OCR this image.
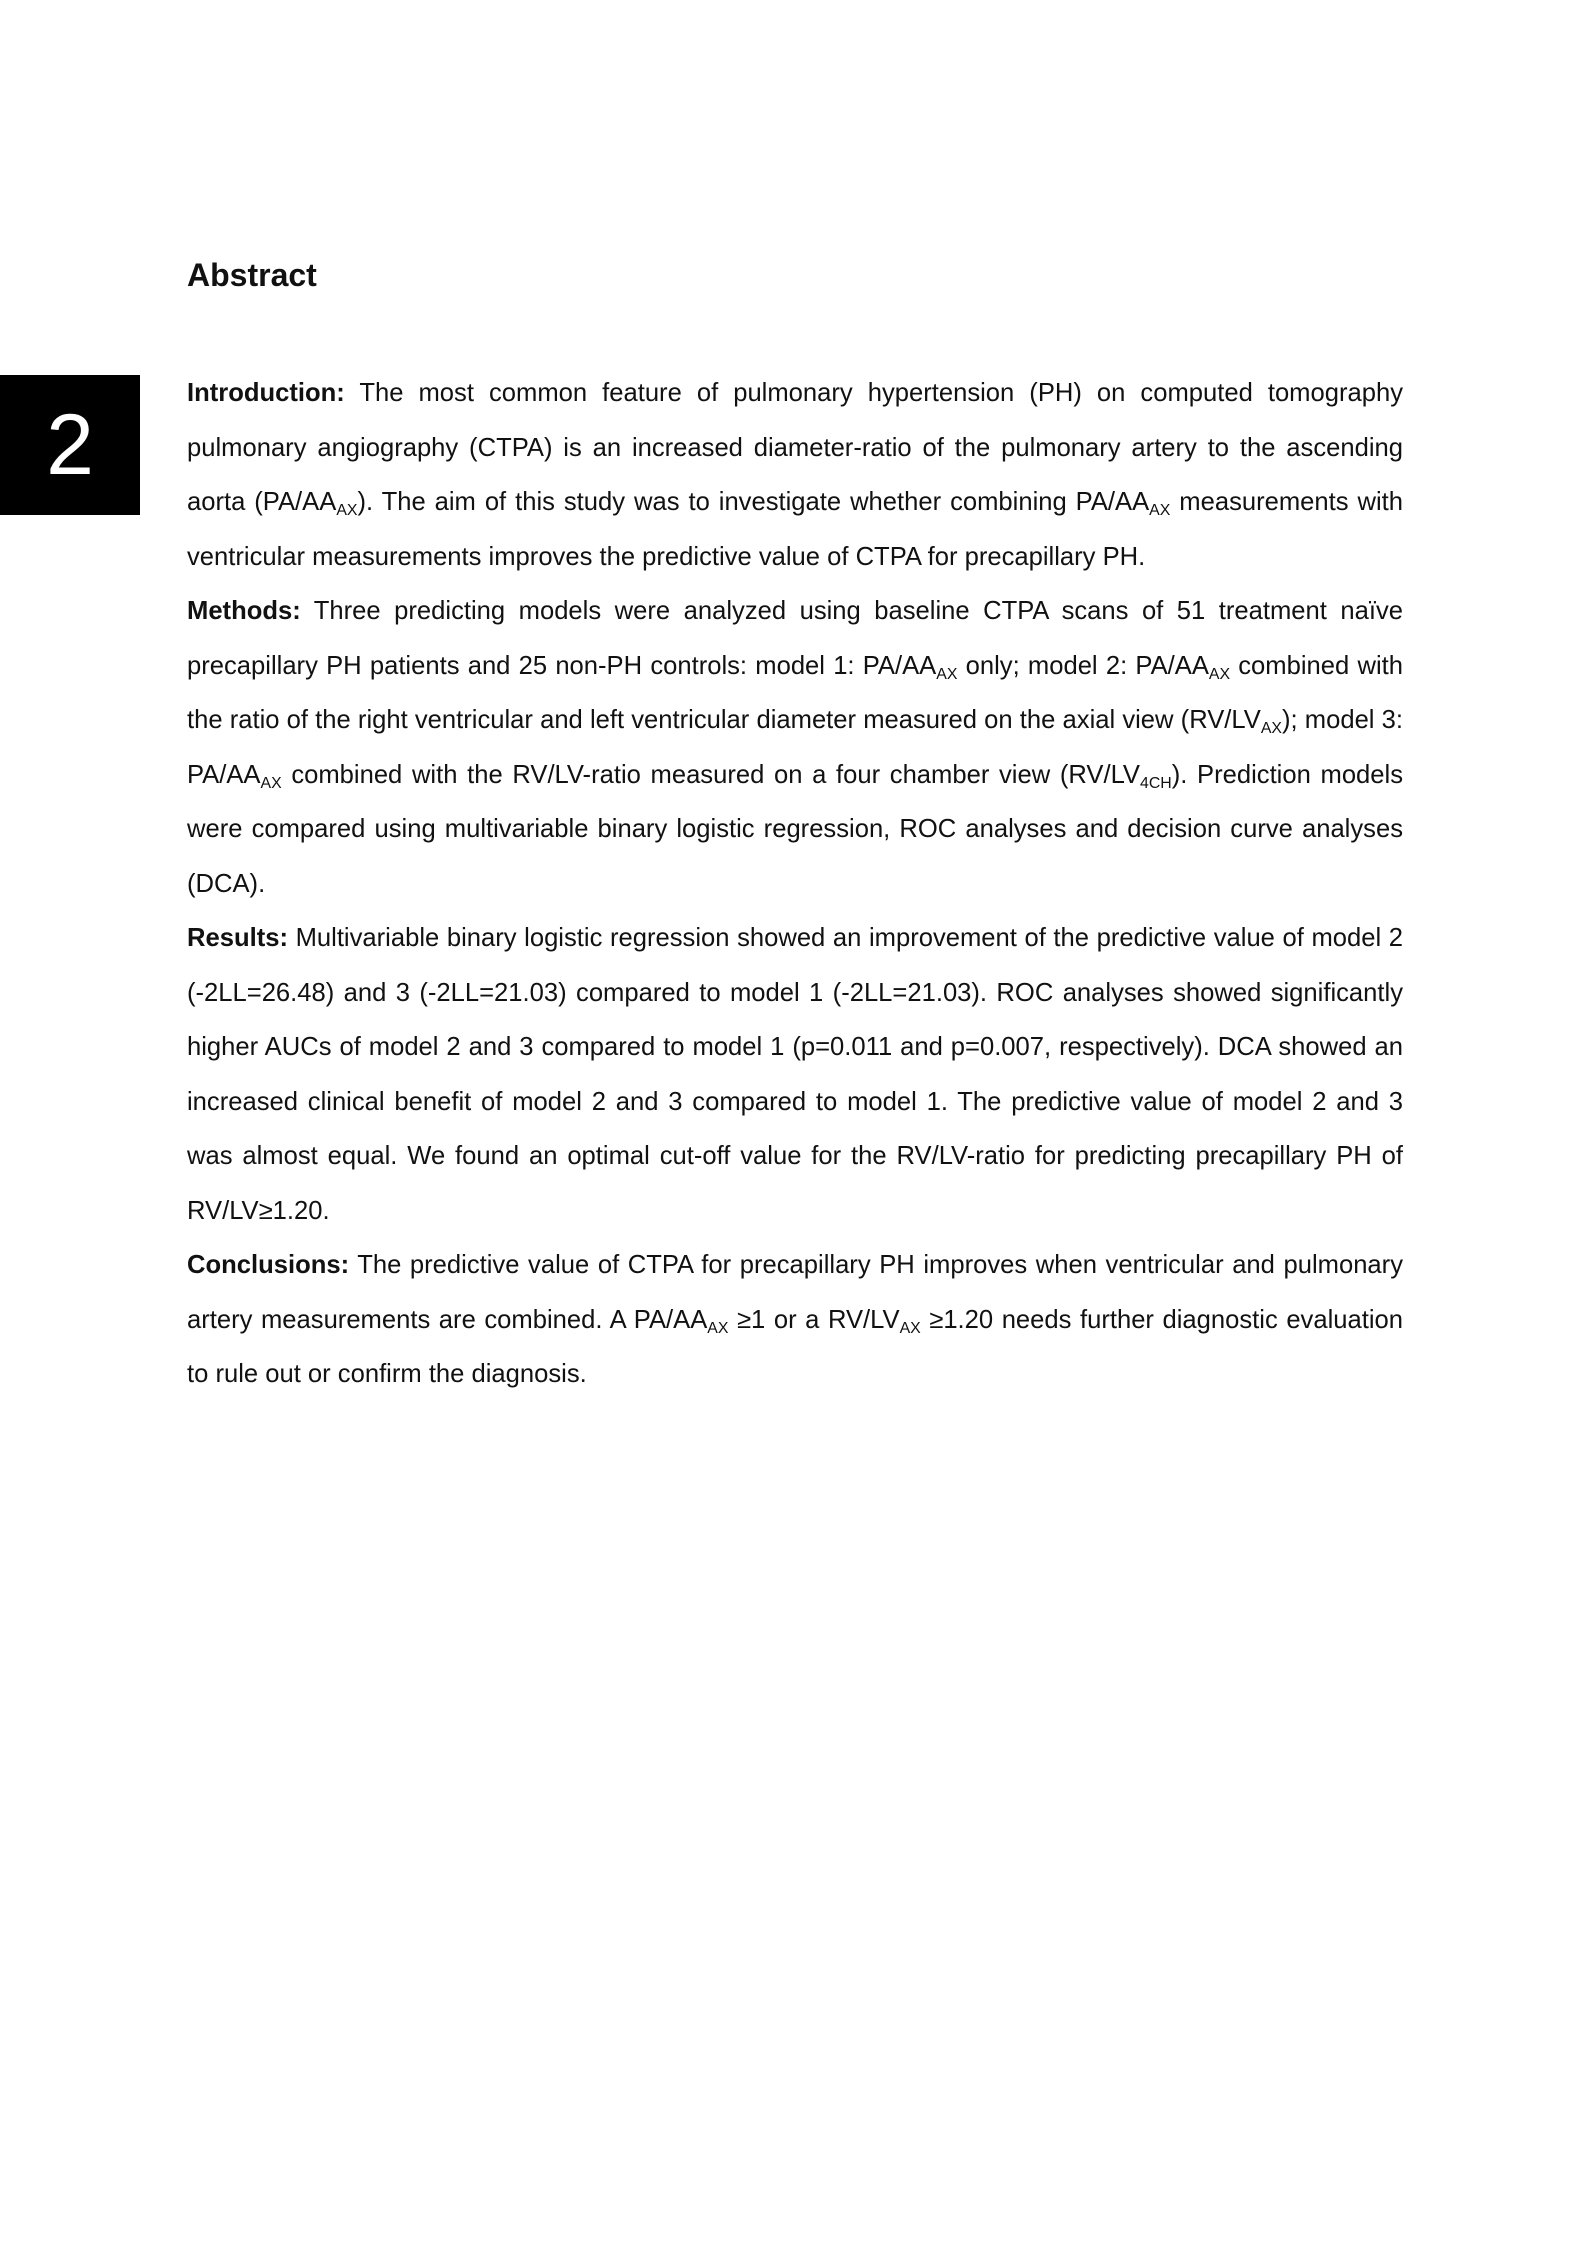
2
Abstract

Introduction: The most common feature of pulmonary hypertension (PH) on computed tomography pulmonary angiography (CTPA) is an increased diameter-ratio of the pulmonary artery to the ascending aorta $(PA/AA_{AX})$. The aim of this study was to investigate whether combining $PA/AA_{AX}$ measurements with ventricular measurements improves the predictive value of CTPA for precapillary PH.

Methods: Three predicting models were analyzed using baseline CTPA scans of 51 treatment naïve precapillary PH patients and 25 non-PH controls: model 1: $PA/AA_{AX}$ only; model 2: $PA/AA_{AX}$ combined with the ratio of the right ventricular and left ventricular diameter measured on the axial view $(RV/LV_{AX})$; model 3: $PA/AA_{AX}$ combined with the RV/LV-ratio measured on a four chamber view $(RV/LV_{4CH})$. Prediction models were compared using multivariable binary logistic regression, ROC analyses and decision curve analyses (DCA).

Results: Multivariable binary logistic regression showed an improvement of the predictive value of model 2 (-2LL=26.48) and 3 (-2LL=21.03) compared to model 1 (-2LL=21.03). ROC analyses showed significantly higher AUCs of model 2 and 3 compared to model 1 (p=0.011 and p=0.007, respectively). DCA showed an increased clinical benefit of model 2 and 3 compared to model 1. The predictive value of model 2 and 3 was almost equal. We found an optimal cut-off value for the RV/LV-ratio for predicting precapillary PH of RV/LV≥1.20.

Conclusions: The predictive value of CTPA for precapillary PH improves when ventricular and pulmonary artery measurements are combined. A $PA/AA_{AX} \ge 1$ or a $RV/LV_{AX} \ge 1.20$ needs further diagnostic evaluation to rule out or confirm the diagnosis.
